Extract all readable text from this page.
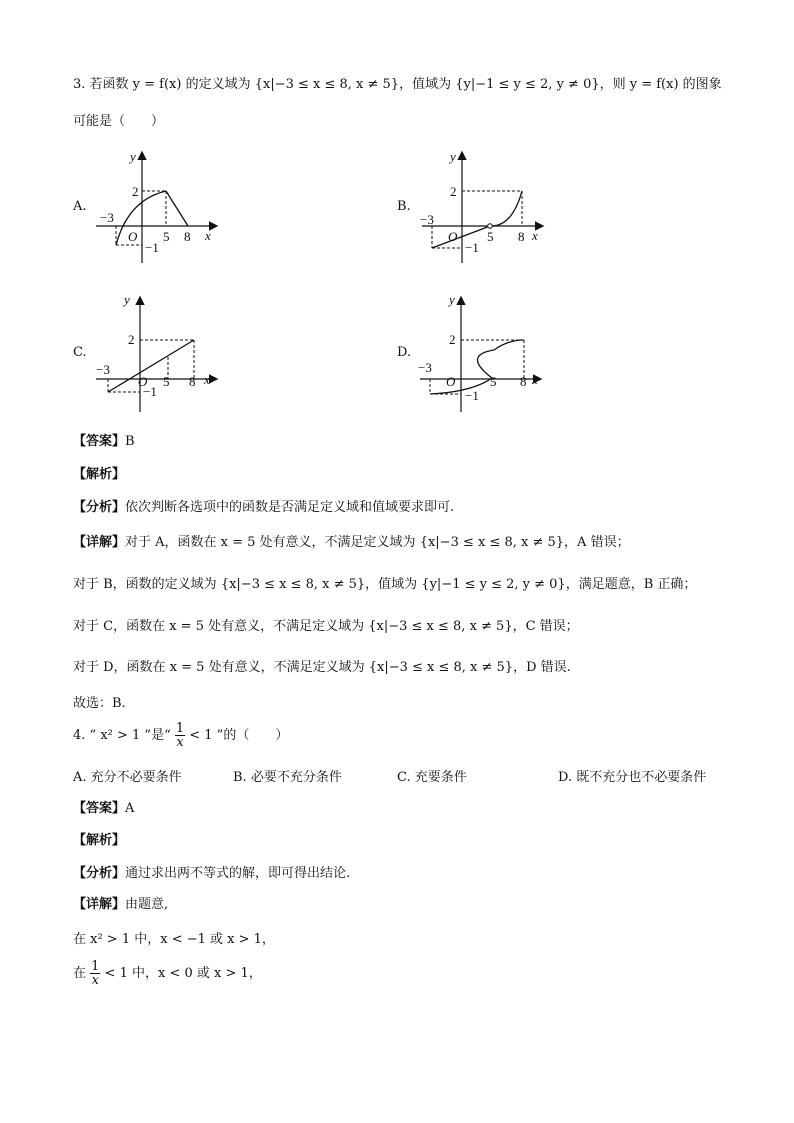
3. 若函数 y = f(x) 的定义域为 {x|−3 ≤ x ≤ 8, x ≠ 5}，值域为 {y|−1 ≤ y ≤ 2, y ≠ 0}，则 y = f(x) 的图象
可能是（　　）
A.	B.
C.	D.
y
x
2
−3
O 5 8
−1
y
x
2
−3
O 5 8
−1
y
x
2
−3
O 5 8
−1
y
x
2
−3
O	5 8
−1
【答案】B
【解析】
【分析】依次判断各选项中的函数是否满足定义域和值域要求即可.
【详解】对于 A，函数在 x = 5 处有意义，不满足定义域为 {x|−3 ≤ x ≤ 8, x ≠ 5}，A 错误；
对于 B，函数的定义域为 {x|−3 ≤ x ≤ 8, x ≠ 5}，值域为 {y|−1 ≤ y ≤ 2, y ≠ 0}，满足题意，B 正确；
对于 C，函数在 x = 5 处有意义，不满足定义域为 {x|−3 ≤ x ≤ 8, x ≠ 5}，C 错误；
对于 D，函数在 x = 5 处有意义，不满足定义域为 {x|−3 ≤ x ≤ 8, x ≠ 5}，D 错误.
故选：B.
4. “ x² > 1 ”是“ $\frac{1}{x} < 1$ ”的（　　）
A. 充分不必要条件	B. 必要不充分条件	C. 充要条件	D. 既不充分也不必要条件
【答案】A
【解析】
【分析】通过求出两不等式的解，即可得出结论.
【详解】由题意,
在 x² > 1 中，x < −1 或 x > 1，
在 $\frac{1}{x} < 1$ 中，x < 0 或 x > 1，
